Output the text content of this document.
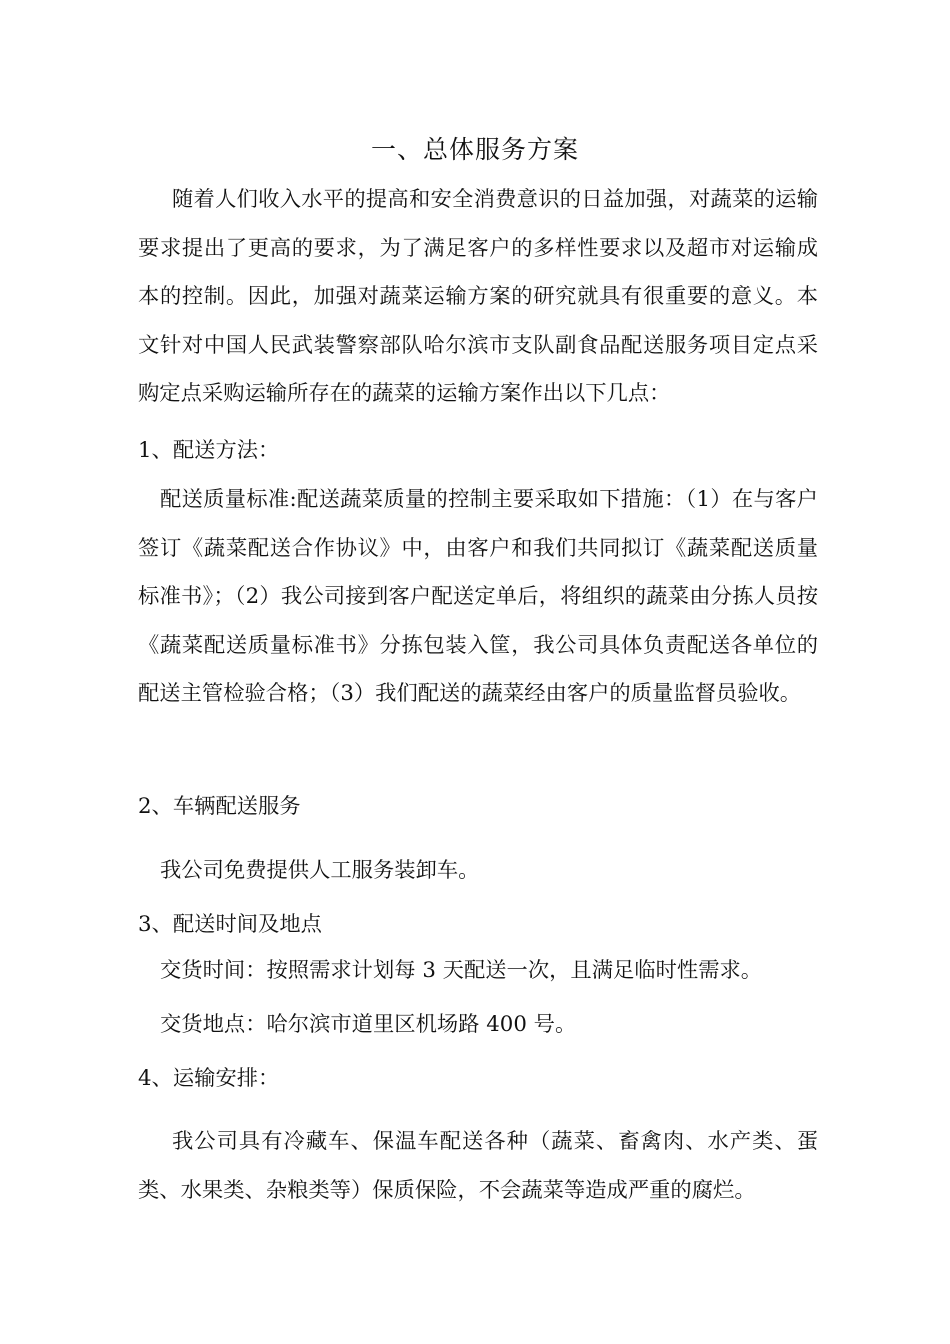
一、总体服务方案

随着人们收入水平的提高和安全消费意识的日益加强，对蔬菜的运输要求提出了更高的要求，为了满足客户的多样性要求以及超市对运输成本的控制。因此，加强对蔬菜运输方案的研究就具有很重要的意义。本文针对中国人民武装警察部队哈尔滨市支队副食品配送服务项目定点采购定点采购运输所存在的蔬菜的运输方案作出以下几点：

1、配送方法：

配送质量标准:配送蔬菜质量的控制主要采取如下措施：（1）在与客户签订《蔬菜配送合作协议》中，由客户和我们共同拟订《蔬菜配送质量标准书》；（2）我公司接到客户配送定单后，将组织的蔬菜由分拣人员按《蔬菜配送质量标准书》分拣包装入筐，我公司具体负责配送各单位的配送主管检验合格；（3）我们配送的蔬菜经由客户的质量监督员验收。

2、车辆配送服务

我公司免费提供人工服务装卸车。

3、配送时间及地点

交货时间：按照需求计划每 3 天配送一次，且满足临时性需求。

交货地点：哈尔滨市道里区机场路 400 号。

4、运输安排：

我公司具有冷藏车、保温车配送各种（蔬菜、畜禽肉、水产类、蛋类、水果类、杂粮类等）保质保险，不会蔬菜等造成严重的腐烂。
